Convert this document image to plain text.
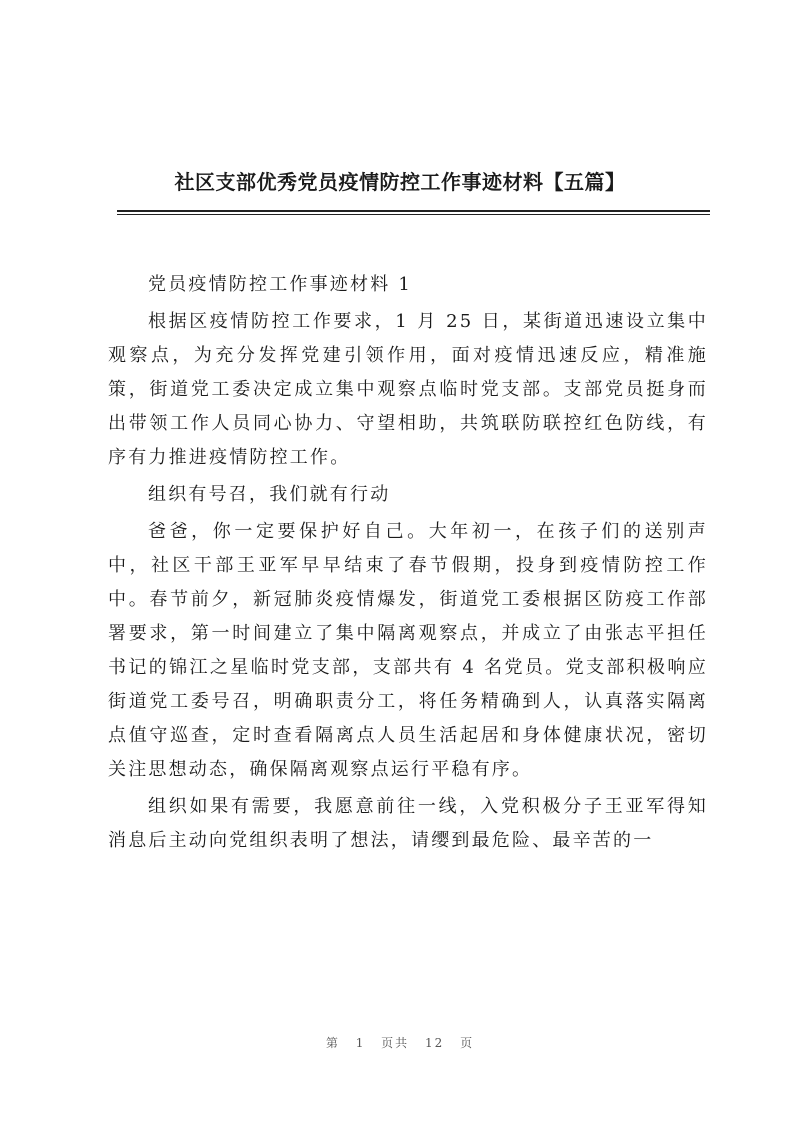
社区支部优秀党员疫情防控工作事迹材料【五篇】

党员疫情防控工作事迹材料 1

根据区疫情防控工作要求，1 月 25 日，某街道迅速设立集中观察点，为充分发挥党建引领作用，面对疫情迅速反应，精准施策，街道党工委决定成立集中观察点临时党支部。支部党员挺身而出带领工作人员同心协力、守望相助，共筑联防联控红色防线，有序有力推进疫情防控工作。

组织有号召，我们就有行动

爸爸，你一定要保护好自己。大年初一，在孩子们的送别声中，社区干部王亚军早早结束了春节假期，投身到疫情防控工作中。春节前夕，新冠肺炎疫情爆发，街道党工委根据区防疫工作部署要求，第一时间建立了集中隔离观察点，并成立了由张志平担任书记的锦江之星临时党支部，支部共有 4 名党员。党支部积极响应街道党工委号召，明确职责分工，将任务精确到人，认真落实隔离点值守巡查，定时查看隔离点人员生活起居和身体健康状况，密切关注思想动态，确保隔离观察点运行平稳有序。

组织如果有需要，我愿意前往一线，入党积极分子王亚军得知消息后主动向党组织表明了想法，请缨到最危险、最辛苦的一

第 1 页共 12 页
